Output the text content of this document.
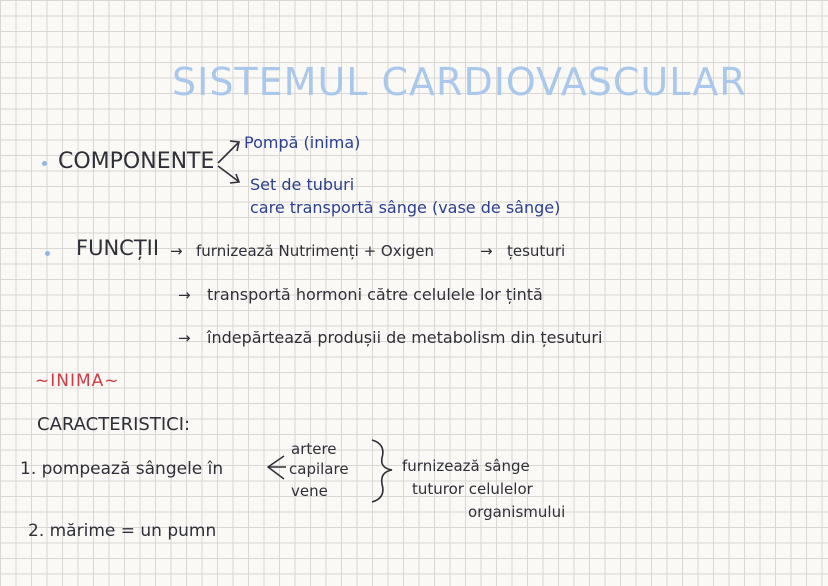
SISTEMUL CARDIOVASCULAR
COMPONENTE
Pompă (inima)
Set de tuburi
care transportă sânge (vase de sânge)
FUNCȚII → furnizează Nutrimenți + Oxigen	→ țesuturi
→ transportă hormoni către celulele lor țintă
→ îndepărtează produșii de metabolism din țesuturi
~INIMA~
CARACTERISTICI:
1. pompează sângele în
artere
capilare
vene
furnizează sânge
tuturor celulelor
organismului
2. mărime = un pumn
